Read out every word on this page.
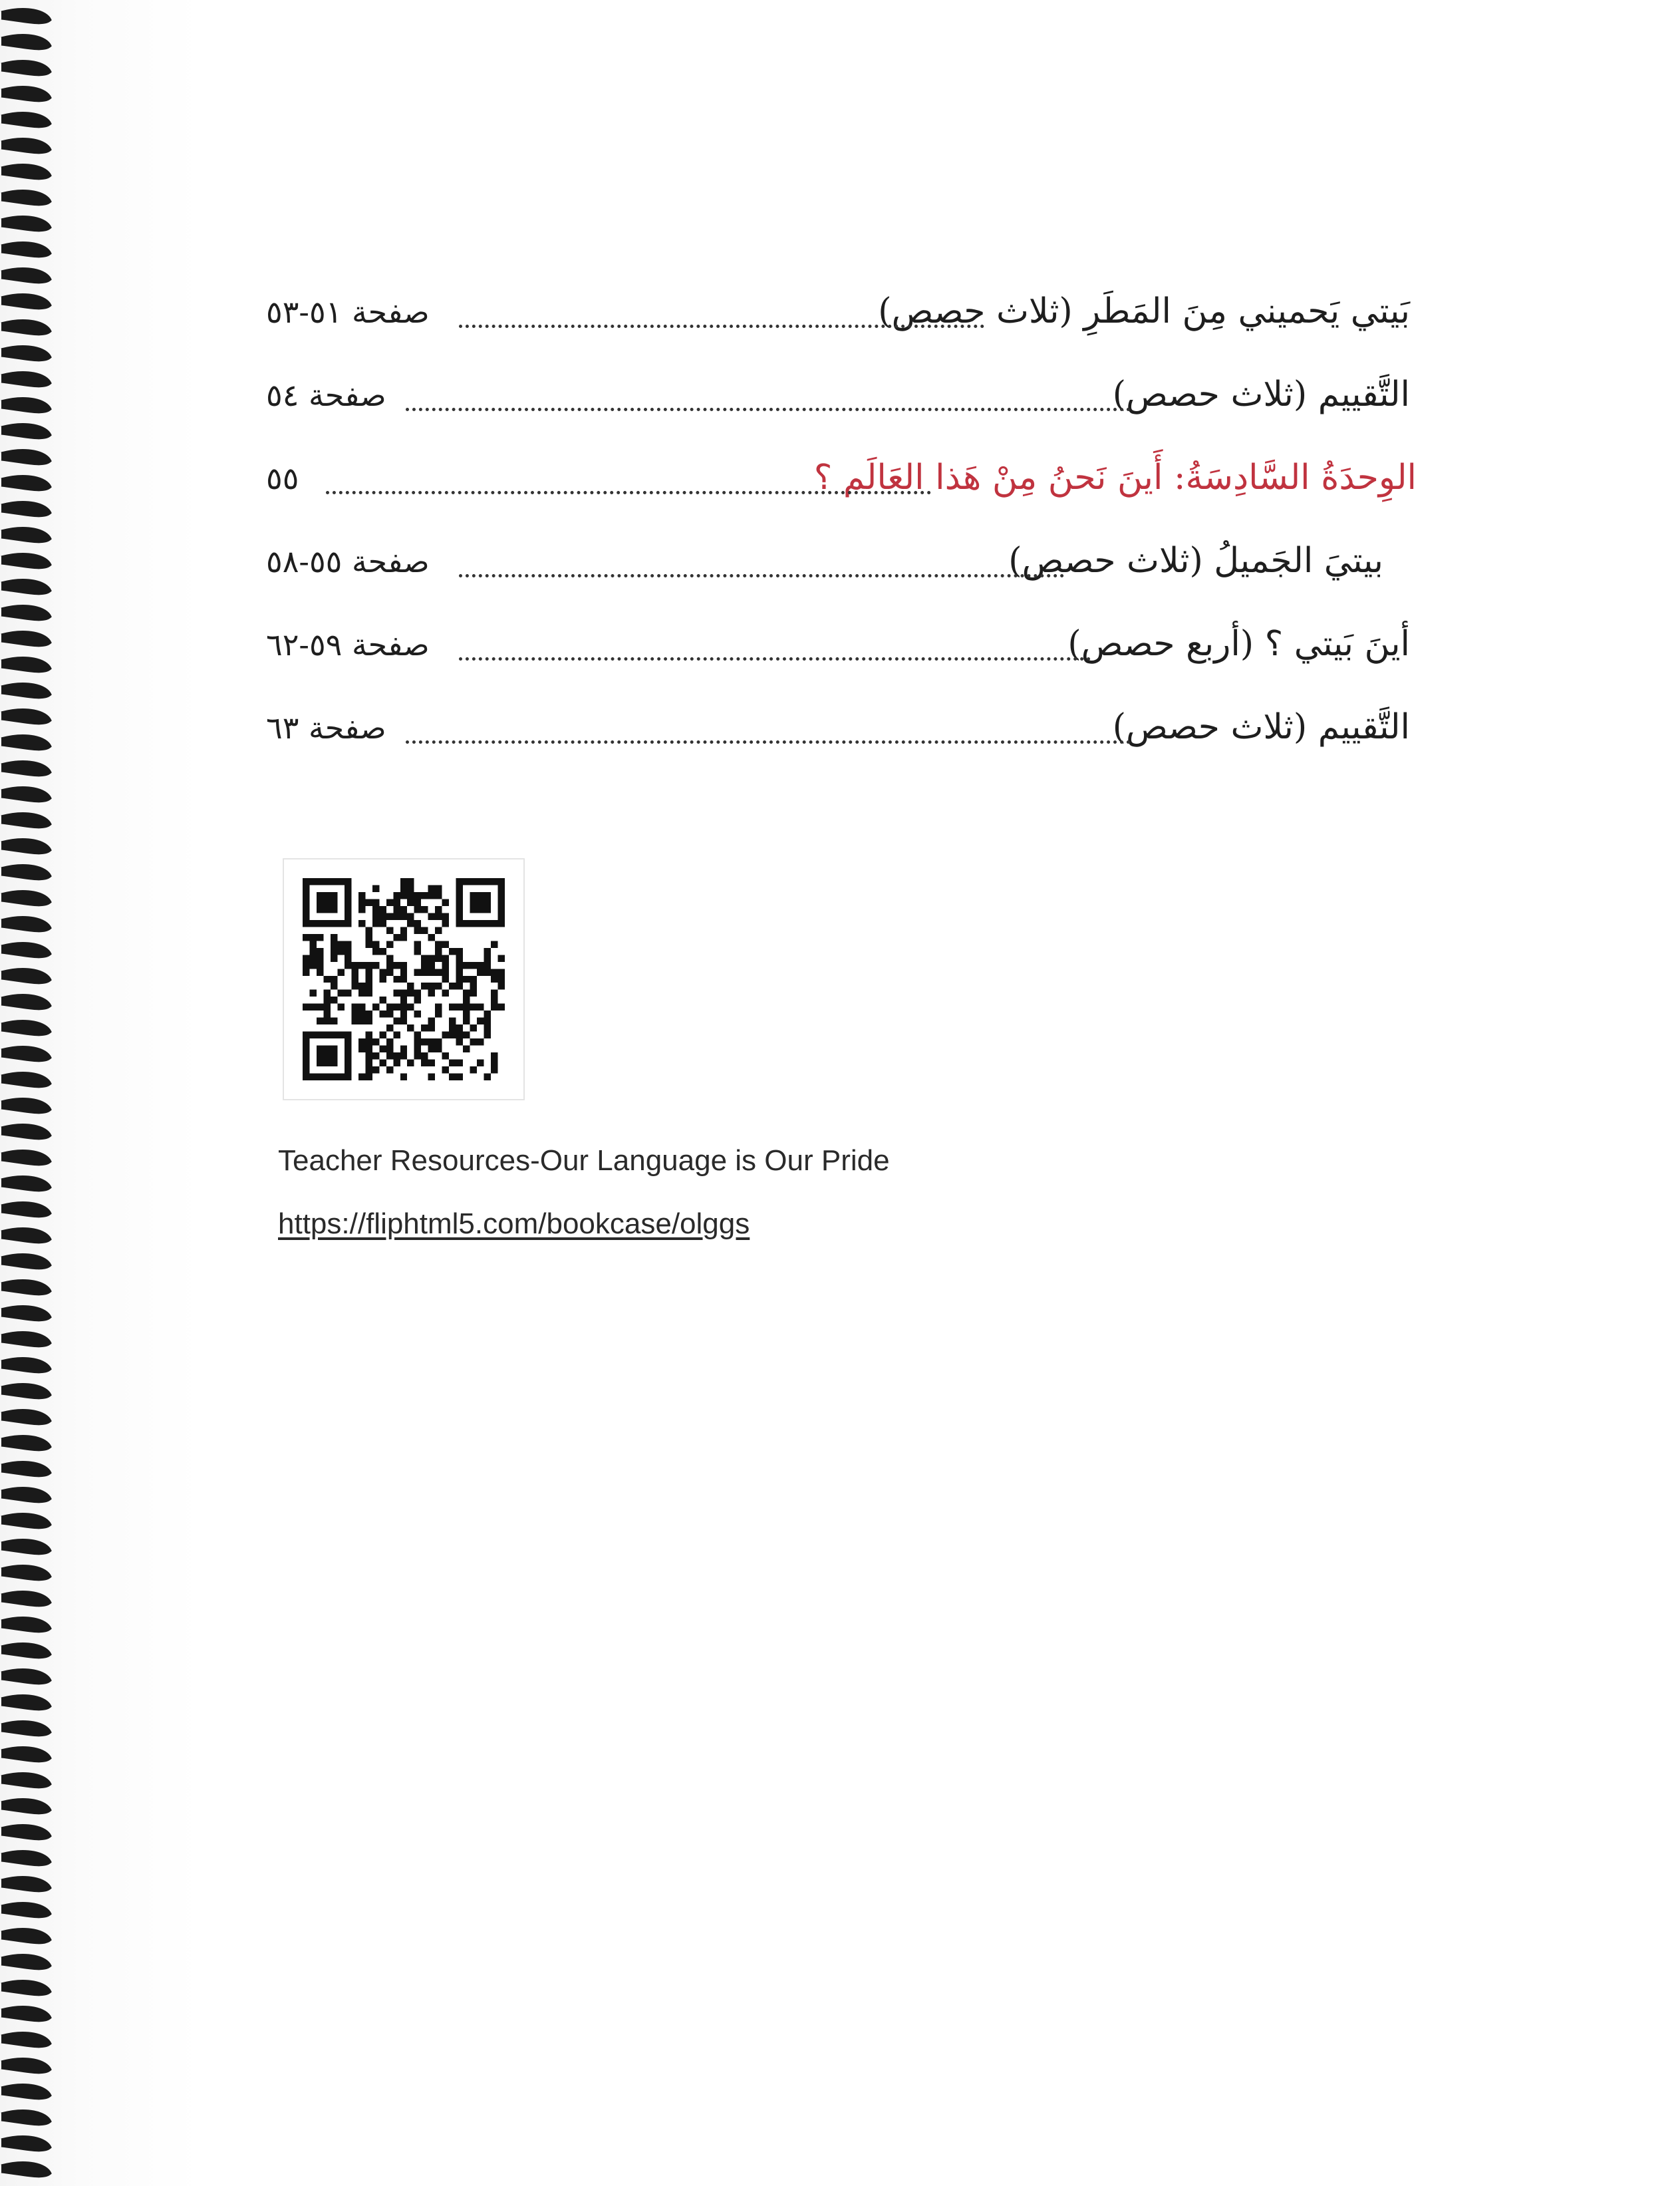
بَيتي يَحميني مِنَ المَطَرِ (ثلاث حصص)
صفحة ٥١-٥٣
التَّقييم (ثلاث حصص)
صفحة ٥٤
الوِحدَةُ السَّادِسَةُ: أَينَ نَحنُ مِنْ هَذا العَالَم ؟
٥٥
بيتيَ الجَميلُ (ثلاث حصص)
صفحة ٥٥-٥٨
أينَ بَيتي ؟ (أربع حصص)
صفحة ٥٩-٦٢
التَّقييم (ثلاث حصص)
صفحة ٦٣
Teacher Resources-Our Language is Our Pride
https://fliphtml5.com/bookcase/olggs
